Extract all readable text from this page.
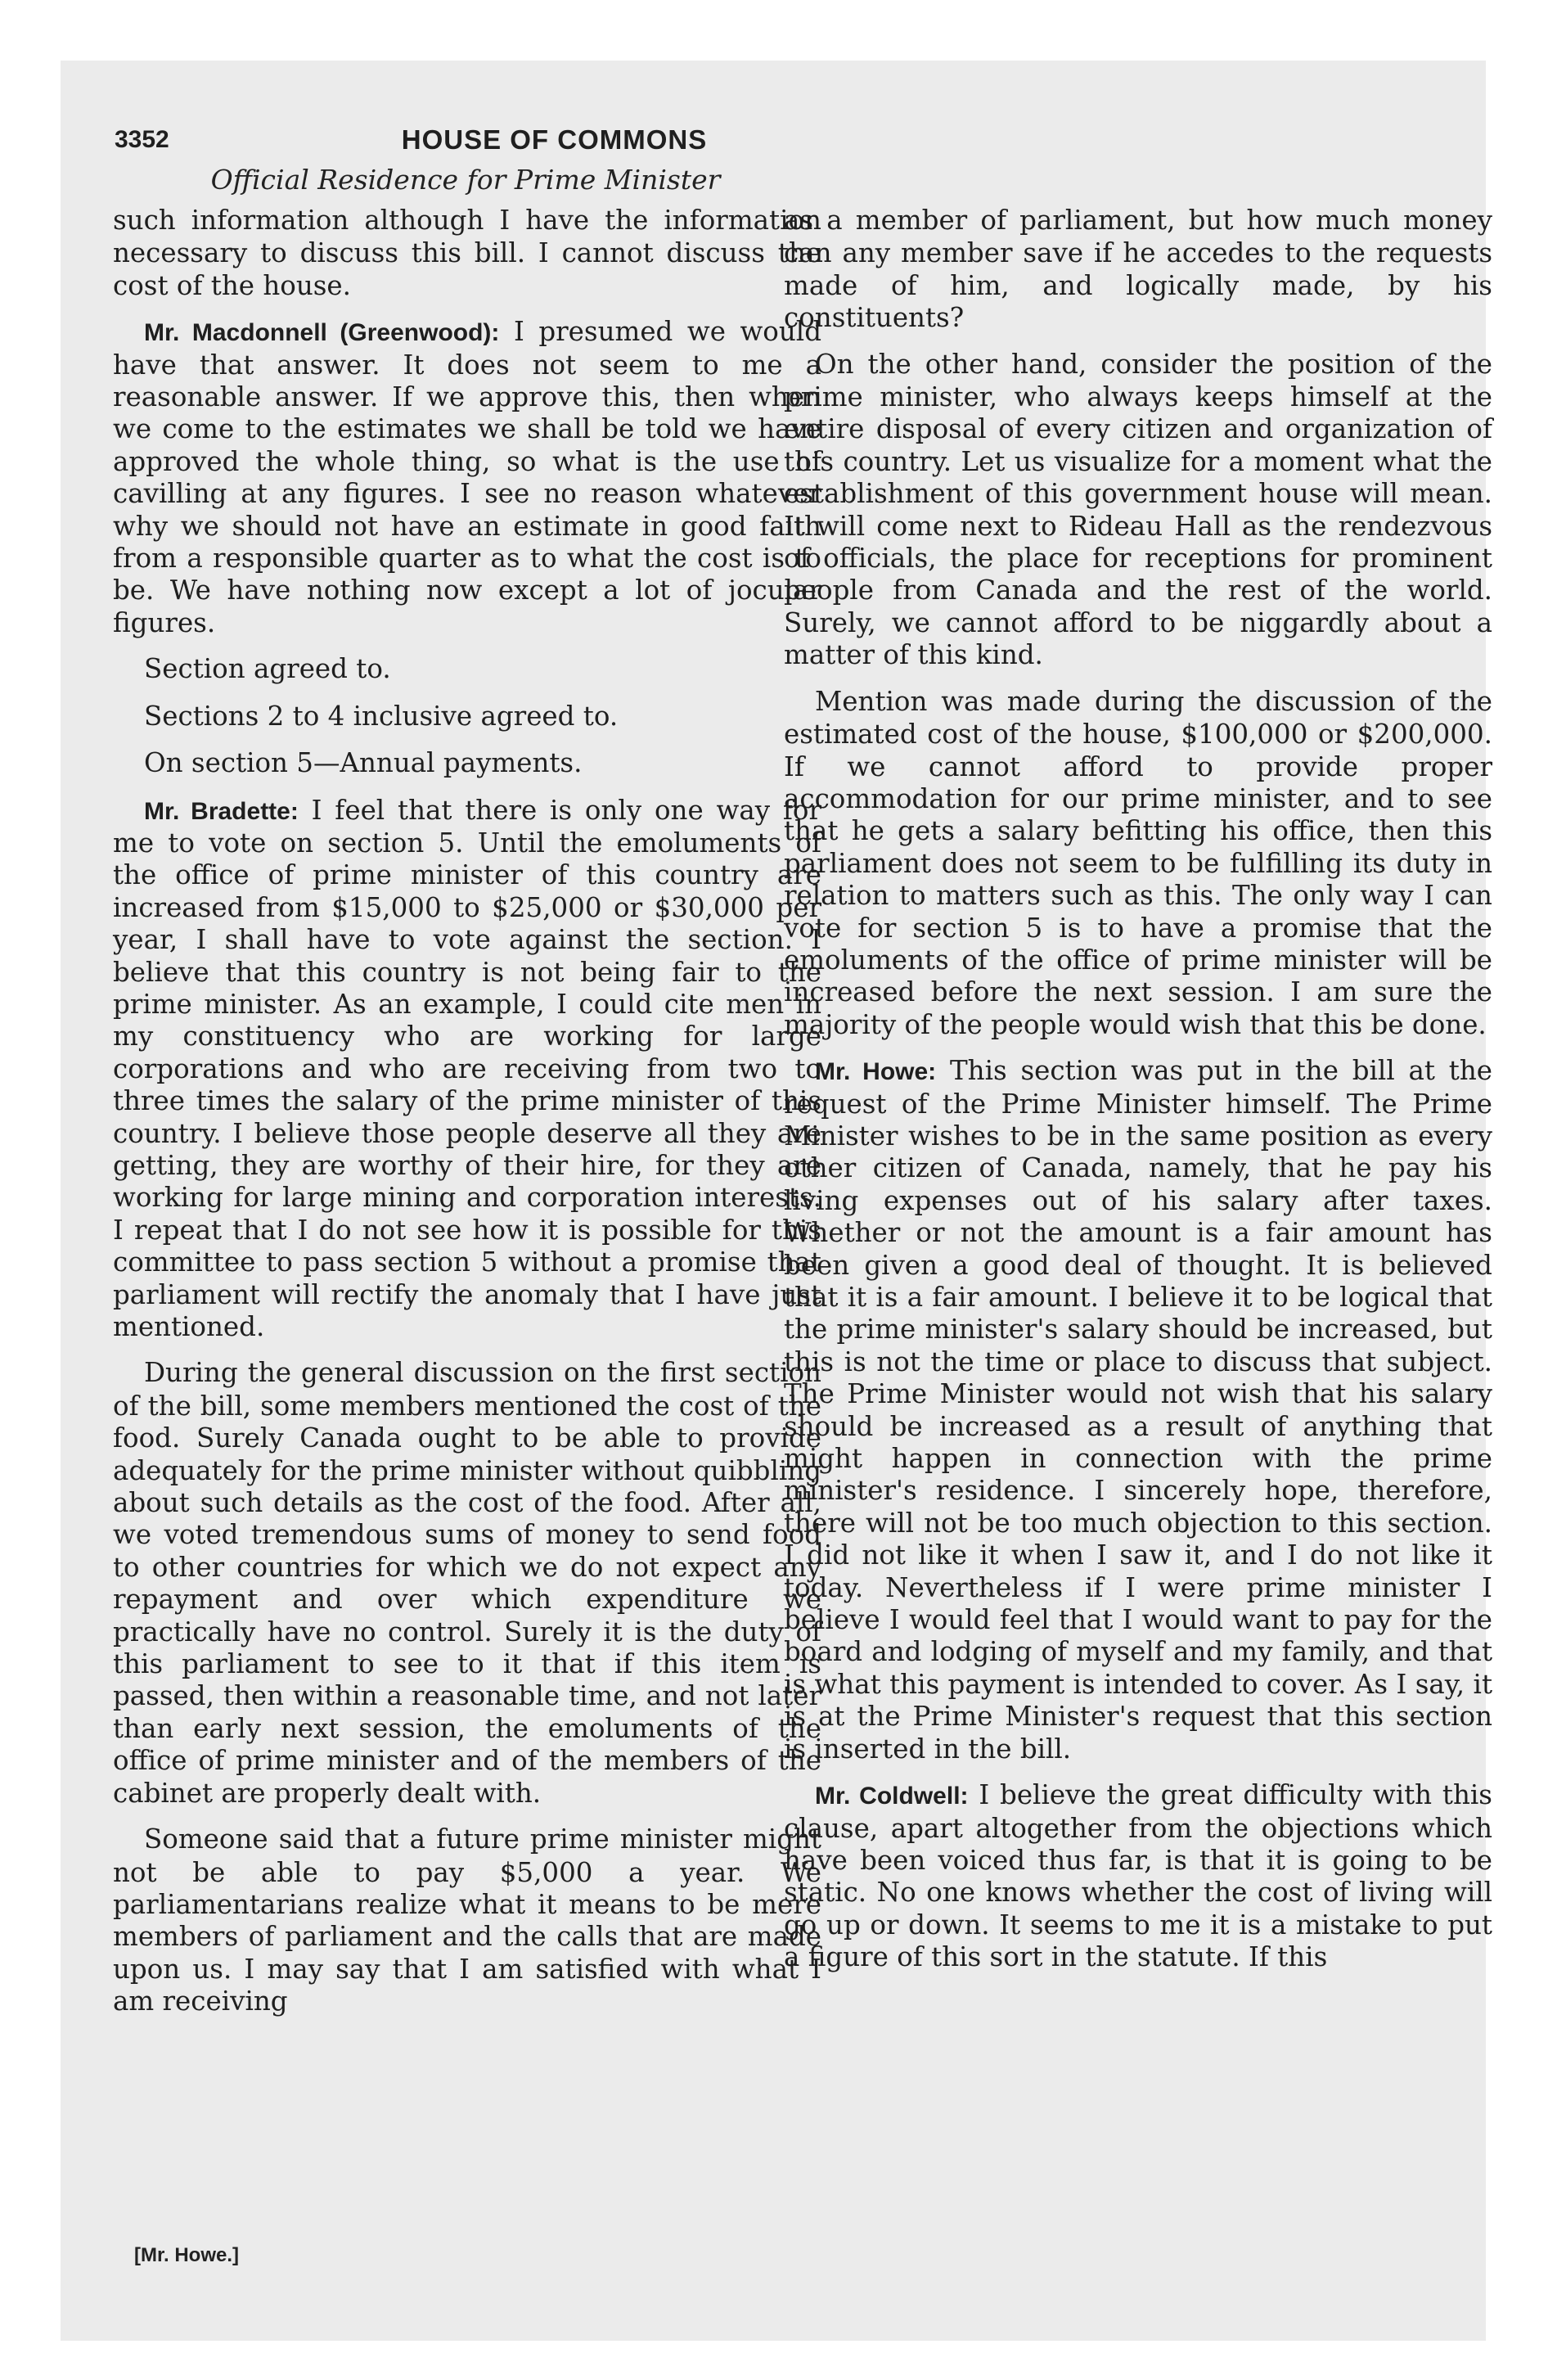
3352	HOUSE OF COMMONS
Official Residence for Prime Minister

such information although I have the information necessary to discuss this bill. I cannot discuss the cost of the house.

Mr. Macdonnell (Greenwood): I presumed we would have that answer. It does not seem to me a reasonable answer. If we approve this, then when we come to the estimates we shall be told we have approved the whole thing, so what is the use of cavilling at any figures. I see no reason whatever why we should not have an estimate in good faith from a responsible quarter as to what the cost is to be. We have nothing now except a lot of jocular figures.

Section agreed to.

Sections 2 to 4 inclusive agreed to.

On section 5—Annual payments.

Mr. Bradette: I feel that there is only one way for me to vote on section 5. Until the emoluments of the office of prime minister of this country are increased from $15,000 to $25,000 or $30,000 per year, I shall have to vote against the section. I believe that this country is not being fair to the prime minister. As an example, I could cite men in my constituency who are working for large corporations and who are receiving from two to three times the salary of the prime minister of this country. I believe those people deserve all they are getting, they are worthy of their hire, for they are working for large mining and corporation interests. I repeat that I do not see how it is possible for this committee to pass section 5 without a promise that parliament will rectify the anomaly that I have just mentioned.

During the general discussion on the first section of the bill, some members mentioned the cost of the food. Surely Canada ought to be able to provide adequately for the prime minister without quibbling about such details as the cost of the food. After all, we voted tremendous sums of money to send food to other countries for which we do not expect any repayment and over which expenditure we practically have no control. Surely it is the duty of this parliament to see to it that if this item is passed, then within a reasonable time, and not later than early next session, the emoluments of the office of prime minister and of the members of the cabinet are properly dealt with.

Someone said that a future prime minister might not be able to pay $5,000 a year. We parliamentarians realize what it means to be mere members of parliament and the calls that are made upon us. I may say that I am satisfied with what I am receiving

as a member of parliament, but how much money can any member save if he accedes to the requests made of him, and logically made, by his constituents?

On the other hand, consider the position of the prime minister, who always keeps himself at the entire disposal of every citizen and organization of this country. Let us visualize for a moment what the establishment of this government house will mean. It will come next to Rideau Hall as the rendezvous of officials, the place for receptions for prominent people from Canada and the rest of the world. Surely, we cannot afford to be niggardly about a matter of this kind.

Mention was made during the discussion of the estimated cost of the house, $100,000 or $200,000. If we cannot afford to provide proper accommodation for our prime minister, and to see that he gets a salary befitting his office, then this parliament does not seem to be fulfilling its duty in relation to matters such as this. The only way I can vote for section 5 is to have a promise that the emoluments of the office of prime minister will be increased before the next session. I am sure the majority of the people would wish that this be done.

Mr. Howe: This section was put in the bill at the request of the Prime Minister himself. The Prime Minister wishes to be in the same position as every other citizen of Canada, namely, that he pay his living expenses out of his salary after taxes. Whether or not the amount is a fair amount has been given a good deal of thought. It is believed that it is a fair amount. I believe it to be logical that the prime minister's salary should be increased, but this is not the time or place to discuss that subject. The Prime Minister would not wish that his salary should be increased as a result of anything that might happen in connection with the prime minister's residence. I sincerely hope, therefore, there will not be too much objection to this section. I did not like it when I saw it, and I do not like it today. Nevertheless if I were prime minister I believe I would feel that I would want to pay for the board and lodging of myself and my family, and that is what this payment is intended to cover. As I say, it is at the Prime Minister's request that this section is inserted in the bill.

Mr. Coldwell: I believe the great difficulty with this clause, apart altogether from the objections which have been voiced thus far, is that it is going to be static. No one knows whether the cost of living will go up or down. It seems to me it is a mistake to put a figure of this sort in the statute. If this

[Mr. Howe.]
